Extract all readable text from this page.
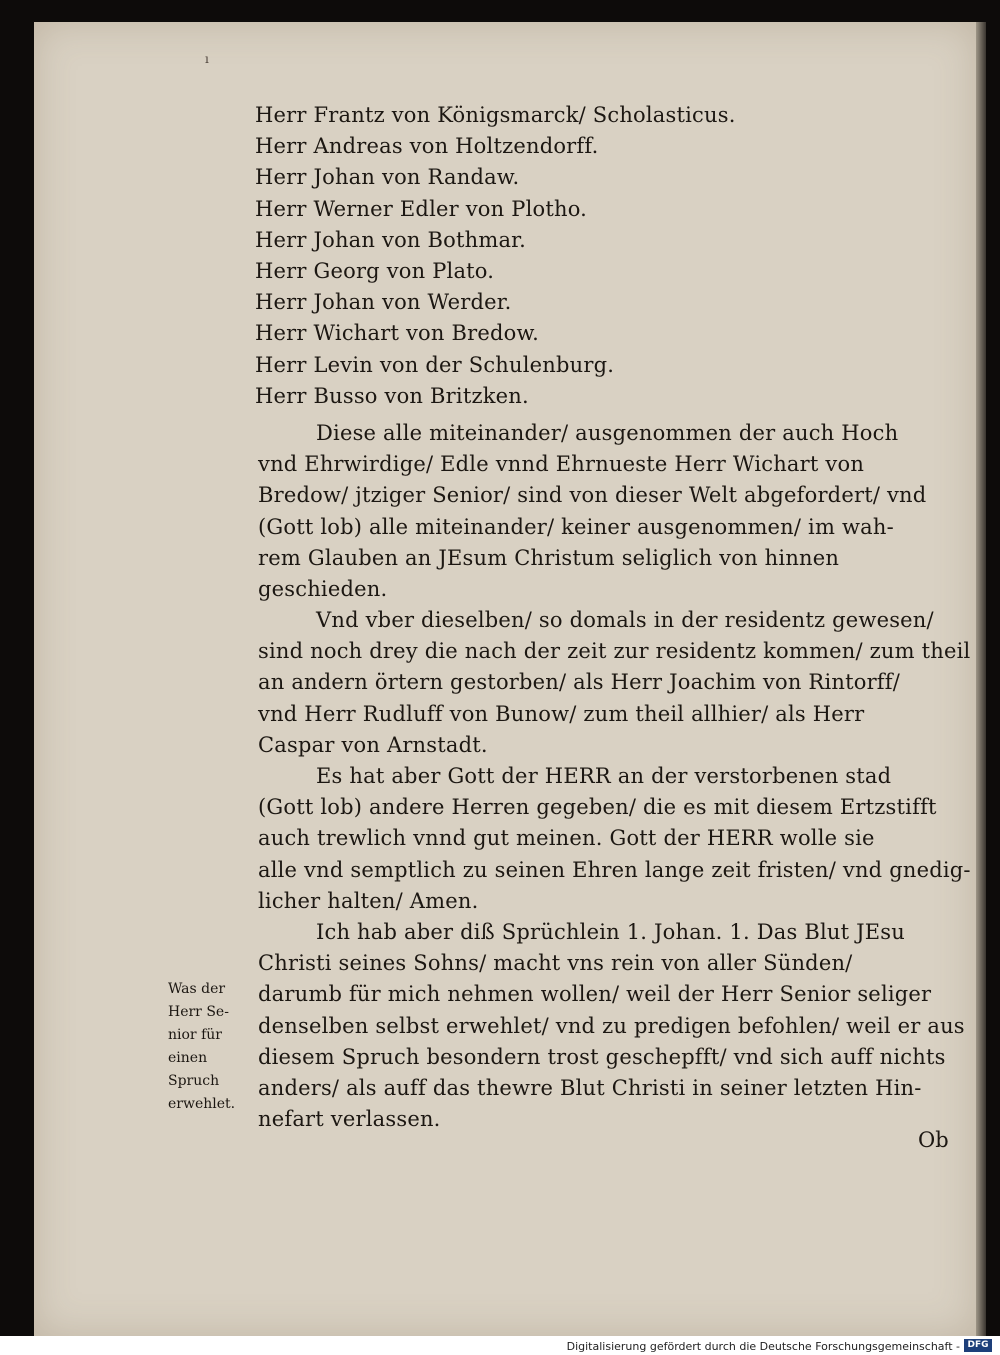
ı
Herr Frantz von Königsmarck/ Scholasticus.
Herr Andreas von Holtzendorff.
Herr Johan von Randaw.
Herr Werner Edler von Plotho.
Herr Johan von Bothmar.
Herr Georg von Plato.
Herr Johan von Werder.
Herr Wichart von Bredow.
Herr Levin von der Schulenburg.
Herr Busso von Britzken.
Diese alle miteinander/ ausgenommen der auch Hoch
vnd Ehrwirdige/ Edle vnnd Ehrnueste Herr Wichart von
Bredow/ jtziger Senior/ sind von dieser Welt abgefordert/ vnd
(Gott lob) alle miteinander/ keiner ausgenommen/ im wah-
rem Glauben an JEsum Christum seliglich von hinnen
geschieden.
Vnd vber dieselben/ so domals in der residentz gewesen/
sind noch drey die nach der zeit zur residentz kommen/ zum theil
an andern örtern gestorben/ als Herr Joachim von Rintorff/
vnd Herr Rudluff von Bunow/ zum theil allhier/ als Herr
Caspar von Arnstadt.
Es hat aber Gott der HERR an der verstorbenen stad
(Gott lob) andere Herren gegeben/ die es mit diesem Ertzstifft
auch trewlich vnnd gut meinen. Gott der HERR wolle sie
alle vnd semptlich zu seinen Ehren lange zeit fristen/ vnd gnedig-
licher halten/ Amen.
Ich hab aber diß Sprüchlein 1. Johan. 1. Das Blut JEsu
Christi seines Sohns/ macht vns rein von aller Sünden/
darumb für mich nehmen wollen/ weil der Herr Senior seliger
denselben selbst erwehlet/ vnd zu predigen befohlen/ weil er aus
diesem Spruch besondern trost geschepfft/ vnd sich auff nichts
anders/ als auff das thewre Blut Christi in seiner letzten Hin-
nefart verlassen.
Was der
Herr Se-
nior für
einen
Spruch
erwehlet.
Ob
Digitalisierung gefördert durch die Deutsche Forschungsgemeinschaft - DFG
